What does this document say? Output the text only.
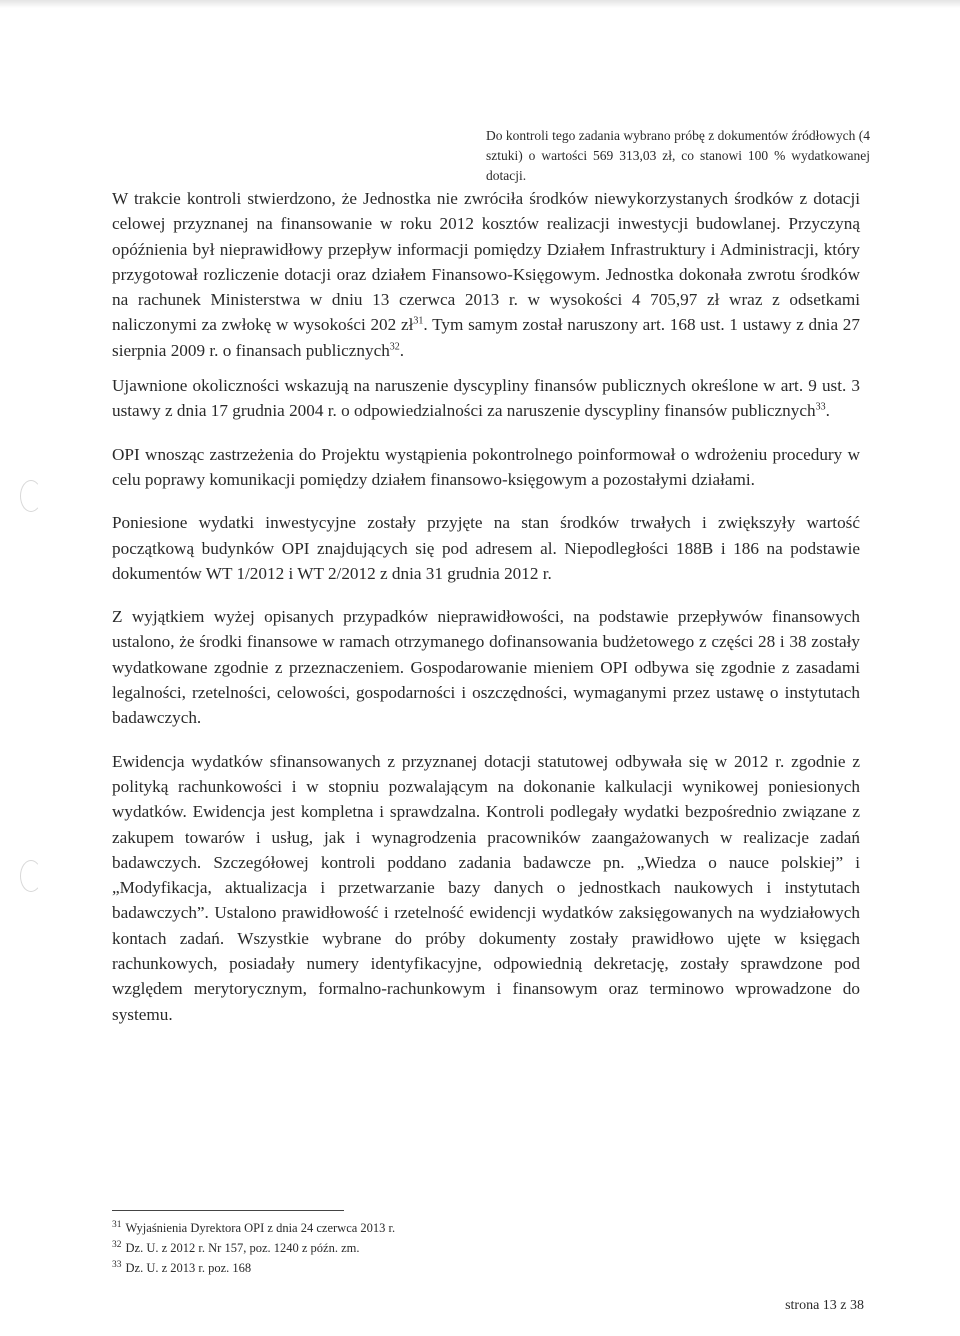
Do kontroli tego zadania wybrano próbę z dokumentów źródłowych (4 sztuki) o wartości 569 313,03 zł, co stanowi 100 % wydatkowanej dotacji.

W trakcie kontroli stwierdzono, że Jednostka nie zwróciła środków niewykorzystanych środków z dotacji celowej przyznanej na finansowanie w roku 2012 kosztów realizacji inwestycji budowlanej. Przyczyną opóźnienia był nieprawidłowy przepływ informacji pomiędzy Działem Infrastruktury i Administracji, który przygotował rozliczenie dotacji oraz działem Finansowo-Księgowym. Jednostka dokonała zwrotu środków na rachunek Ministerstwa w dniu 13 czerwca 2013 r. w wysokości 4 705,97 zł wraz z odsetkami naliczonymi za zwłokę w wysokości 202 $zł^{31}$. Tym samym został naruszony art. 168 ust. 1 ustawy z dnia 27 sierpnia 2009 r. o finansach publicznych$^{32}$.

Ujawnione okoliczności wskazują na naruszenie dyscypliny finansów publicznych określone w art. 9 ust. 3 ustawy z dnia 17 grudnia 2004 r. o odpowiedzialności za naruszenie dyscypliny finansów publicznych$^{33}$.

OPI wnosząc zastrzeżenia do Projektu wystąpienia pokontrolnego poinformował o wdrożeniu procedury w celu poprawy komunikacji pomiędzy działem finansowo-księgowym a pozostałymi działami.

Poniesione wydatki inwestycyjne zostały przyjęte na stan środków trwałych i zwiększyły wartość początkową budynków OPI znajdujących się pod adresem al. Niepodległości 188B i 186 na podstawie dokumentów WT 1/2012 i WT 2/2012 z dnia 31 grudnia 2012 r.

Z wyjątkiem wyżej opisanych przypadków nieprawidłowości, na podstawie przepływów finansowych ustalono, że środki finansowe w ramach otrzymanego dofinansowania budżetowego z części 28 i 38 zostały wydatkowane zgodnie z przeznaczeniem. Gospodarowanie mieniem OPI odbywa się zgodnie z zasadami legalności, rzetelności, celowości, gospodarności i oszczędności, wymaganymi przez ustawę o instytutach badawczych.

Ewidencja wydatków sfinansowanych z przyznanej dotacji statutowej odbywała się w 2012 r. zgodnie z polityką rachunkowości i w stopniu pozwalającym na dokonanie kalkulacji wynikowej poniesionych wydatków. Ewidencja jest kompletna i sprawdzalna. Kontroli podlegały wydatki bezpośrednio związane z zakupem towarów i usług, jak i wynagrodzenia pracowników zaangażowanych w realizacje zadań badawczych. Szczegółowej kontroli poddano zadania badawcze pn. „Wiedza o nauce polskiej” i „Modyfikacja, aktualizacja i przetwarzanie bazy danych o jednostkach naukowych i instytutach badawczych”. Ustalono prawidłowość i rzetelność ewidencji wydatków zaksięgowanych na wydziałowych kontach zadań. Wszystkie wybrane do próby dokumenty zostały prawidłowo ujęte w księgach rachunkowych, posiadały numery identyfikacyjne, odpowiednią dekretację, zostały sprawdzone pod względem merytorycznym, formalno-rachunkowym i finansowym oraz terminowo wprowadzone do systemu.

$^{31}$ Wyjaśnienia Dyrektora OPI z dnia 24 czerwca 2013 r.

$^{32}$ Dz. U. z 2012 r. Nr 157, poz. 1240 z późn. zm.

$^{33}$ Dz. U. z 2013 r. poz. 168

strona 13 z 38
